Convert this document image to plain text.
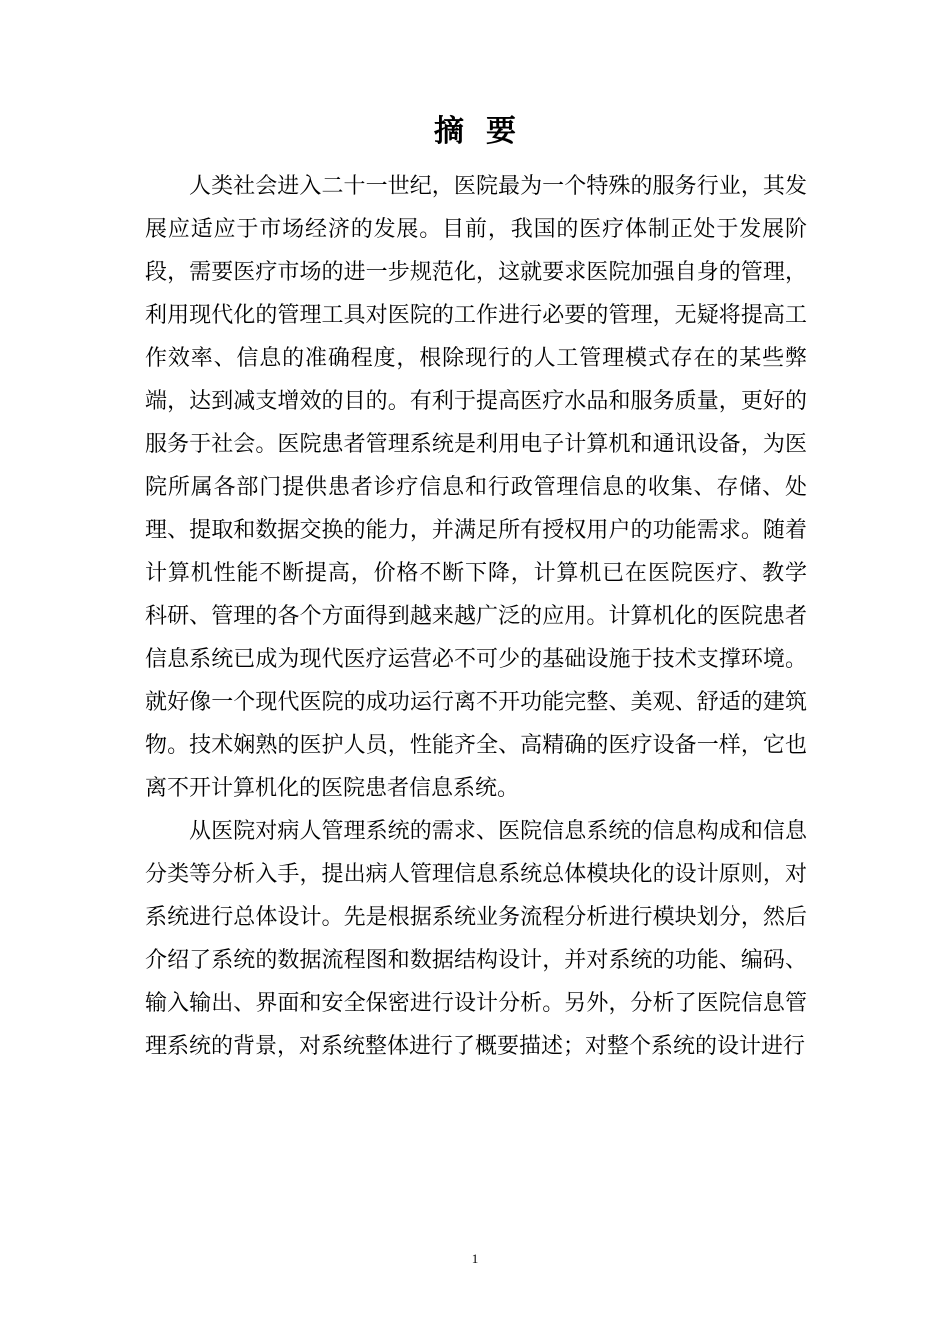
摘要

人类社会进入二十一世纪，医院最为一个特殊的服务行业，其发展应适应于市场经济的发展。目前，我国的医疗体制正处于发展阶段，需要医疗市场的进一步规范化，这就要求医院加强自身的管理，利用现代化的管理工具对医院的工作进行必要的管理，无疑将提高工作效率、信息的准确程度，根除现行的人工管理模式存在的某些弊端，达到减支增效的目的。有利于提高医疗水品和服务质量，更好的服务于社会。医院患者管理系统是利用电子计算机和通讯设备，为医院所属各部门提供患者诊疗信息和行政管理信息的收集、存储、处理、提取和数据交换的能力，并满足所有授权用户的功能需求。随着计算机性能不断提高，价格不断下降，计算机已在医院医疗、教学 科研、管理的各个方面得到越来越广泛的应用。计算机化的医院患者信息系统已成为现代医疗运营必不可少的基础设施于技术支撑环境。就好像一个现代医院的成功运行离不开功能完整、美观、舒适的建筑物。技术娴熟的医护人员，性能齐全、高精确的医疗设备一样，它也离不开计算机化的医院患者信息系统。

从医院对病人管理系统的需求、医院信息系统的信息构成和信息分类等分析入手，提出病人管理信息系统总体模块化的设计原则，对系统进行总体设计。先是根据系统业务流程分析进行模块划分，然后介绍了系统的数据流程图和数据结构设计，并对系统的功能、编码、输入输出、界面和安全保密进行设计分析。另外，分析了医院信息管理系统的背景，对系统整体进行了概要描述；对整个系统的设计进行

1
